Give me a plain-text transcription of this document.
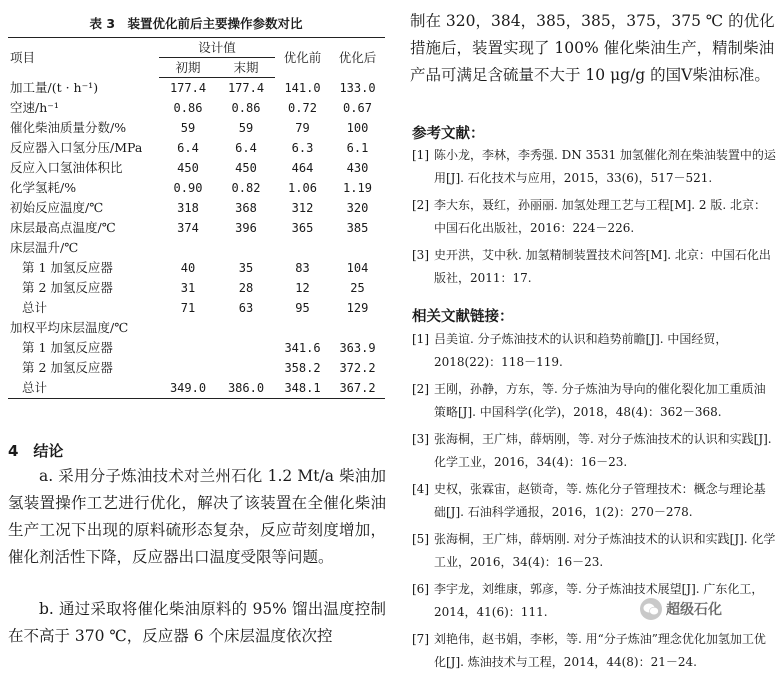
表 3　装置优化前后主要操作参数对比
项目	设计值		优化前	优化后
	初期	末期		
加工量/(t · h⁻¹)	177.4	177.4	141.0	133.0
空速/h⁻¹	0.86	0.86	0.72	0.67
催化柴油质量分数/%	59	59	79	100
反应器入口氢分压/MPa	6.4	6.4	6.3	6.1
反应入口氢油体积比	450	450	464	430
化学氢耗/%	0.90	0.82	1.06	1.19
初始反应温度/℃	318	368	312	320
床层最高点温度/℃	374	396	365	385
床层温升/℃				
第 1 加氢反应器	40	35	83	104
第 2 加氢反应器	31	28	12	25
总计	71	63	95	129
加权平均床层温度/℃				
第 1 加氢反应器			341.6	363.9
第 2 加氢反应器			358.2	372.2
总计	349.0	386.0	348.1	367.2
4　结论

a. 采用分子炼油技术对兰州石化 1.2 Mt/a 柴油加氢装置操作工艺进行优化，解决了该装置在全催化柴油生产工况下出现的原料硫形态复杂，反应苛刻度增加，催化剂活性下降，反应器出口温度受限等问题。

b. 通过采取将催化柴油原料的 95% 馏出温度控制在不高于 370 ℃，反应器 6 个床层温度依次控

制在 320，384，385，385，375，375 ℃ 的优化措施后，装置实现了 100% 催化柴油生产，精制柴油产品可满足含硫量不大于 10 μg/g 的国Ⅴ柴油标准。

参考文献：
[1] 陈小龙，李林，李秀强. DN 3531 加氢催化剂在柴油装置中的运用[J]. 石化技术与应用，2015，33(6)，517－521.
[2] 李大东，聂红，孙丽丽. 加氢处理工艺与工程[M]. 2 版. 北京：中国石化出版社，2016：224－226.
[3] 史开洪，艾中秋. 加氢精制装置技术问答[M]. 北京：中国石化出版社，2011：17.
相关文献链接：
[1] 吕美谊. 分子炼油技术的认识和趋势前瞻[J]. 中国经贸，2018(22)：118－119.
[2] 王刚，孙静，方东，等. 分子炼油为导向的催化裂化加工重质油策略[J]. 中国科学(化学)，2018，48(4)：362－368.
[3] 张海桐，王广炜，薛炳刚，等. 对分子炼油技术的认识和实践[J]. 化学工业，2016，34(4)：16－23.
[4] 史权，张霖宙，赵锁奇，等. 炼化分子管理技术：概念与理论基础[J]. 石油科学通报，2016，1(2)：270－278.
[5] 张海桐，王广炜，薛炳刚. 对分子炼油技术的认识和实践[J]. 化学工业，2016，34(4)：16－23.
[6] 李宇龙，刘维康，郭彦，等. 分子炼油技术展望[J]. 广东化工，2014，41(6)：111.
[7] 刘艳伟，赵书娟，李彬，等. 用“分子炼油”理念优化加氢加工优化[J]. 炼油技术与工程，2014，44(8)：21－24.
超级石化
